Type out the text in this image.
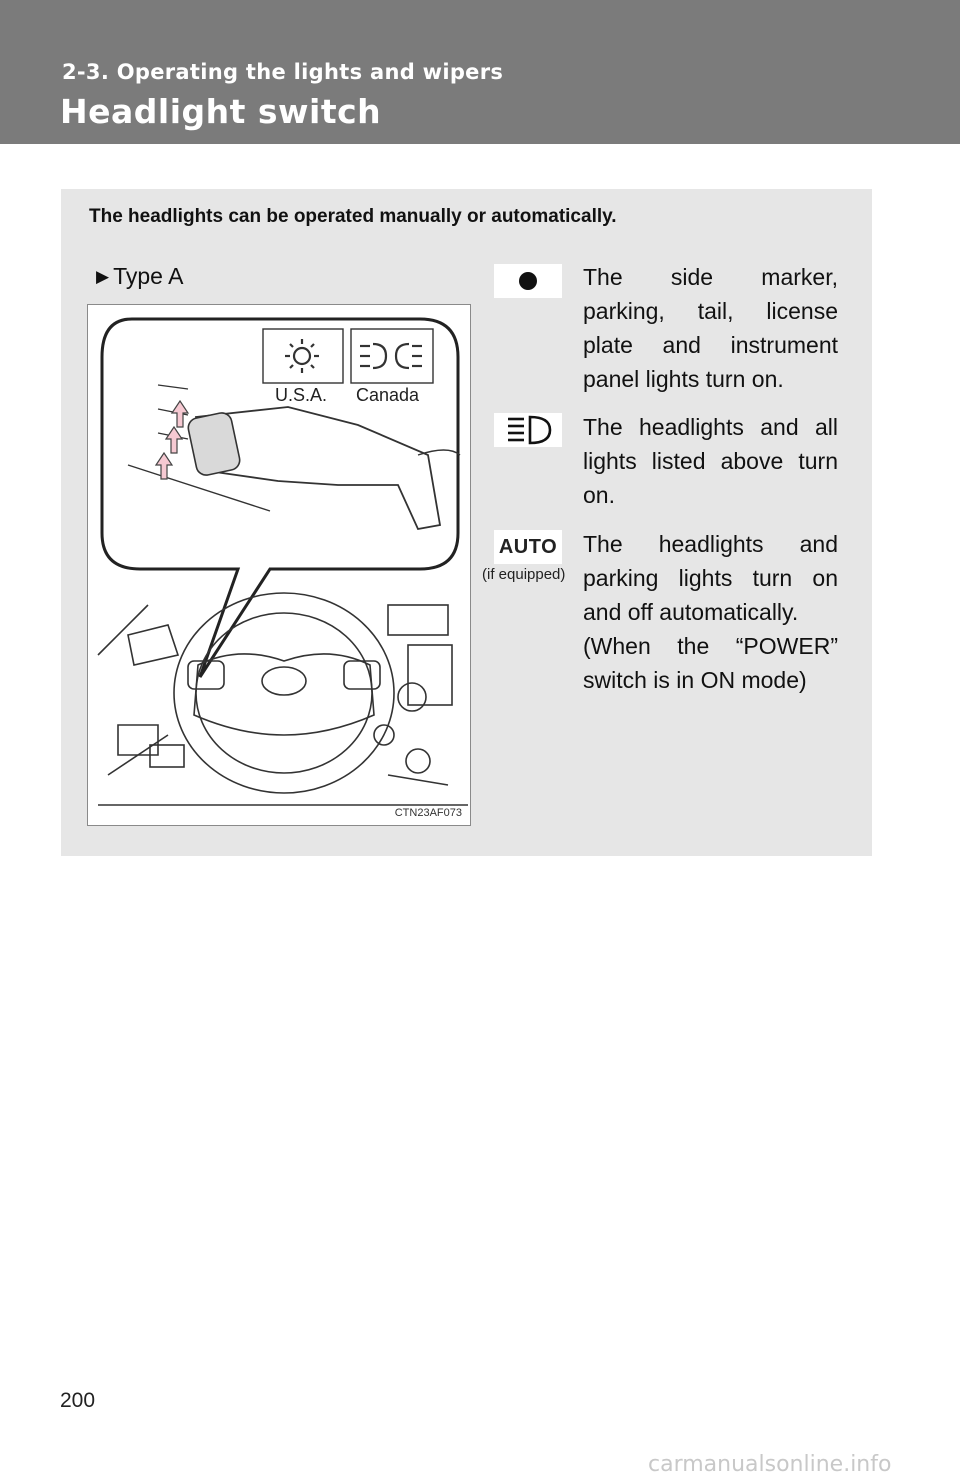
2-3. Operating the lights and wipers
Headlight switch
The headlights can be operated manually or automatically.
▶ Type A
U.S.A. Canada
CTN23AF073
The side marker, parking, tail, license plate and instrument panel lights turn on.
The headlights and all lights listed above turn on.
AUTO
(if equipped)
The headlights and parking lights turn on and off automatically.
(When the “POWER” switch is in ON mode)
200
carmanualsonline.info
